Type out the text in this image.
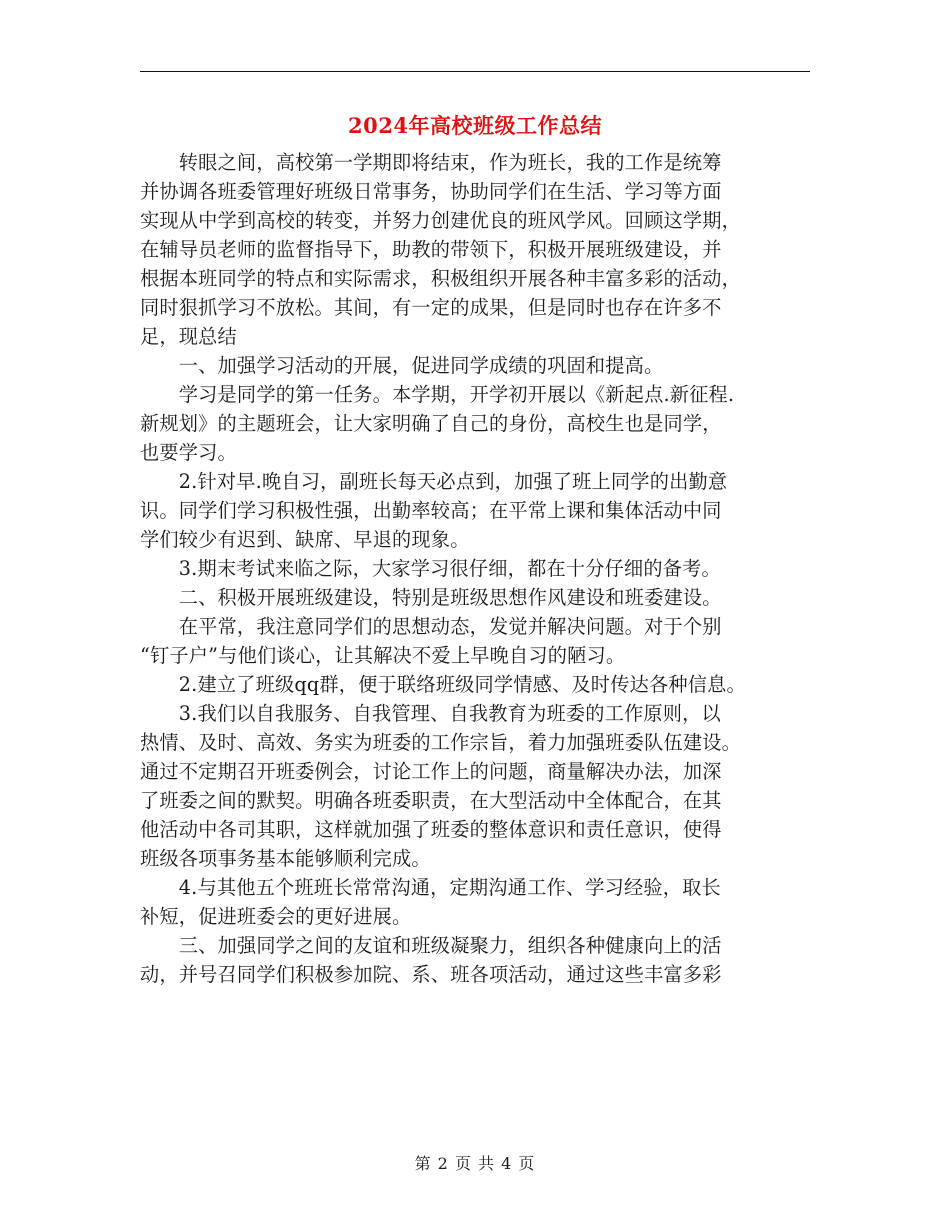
2024年高校班级工作总结
　　转眼之间，高校第一学期即将结束，作为班长，我的工作是统筹
并协调各班委管理好班级日常事务，协助同学们在生活、学习等方面
实现从中学到高校的转变，并努力创建优良的班风学风。回顾这学期，
在辅导员老师的监督指导下，助教的带领下，积极开展班级建设，并
根据本班同学的特点和实际需求，积极组织开展各种丰富多彩的活动，
同时狠抓学习不放松。其间，有一定的成果，但是同时也存在许多不
足，现总结
　　一、加强学习活动的开展，促进同学成绩的巩固和提高。
　　学习是同学的第一任务。本学期，开学初开展以《新起点.新征程.
新规划》的主题班会，让大家明确了自己的身份，高校生也是同学，
也要学习。
　　2.针对早.晚自习，副班长每天必点到，加强了班上同学的出勤意
识。同学们学习积极性强，出勤率较高；在平常上课和集体活动中同
学们较少有迟到、缺席、早退的现象。
　　3.期末考试来临之际，大家学习很仔细，都在十分仔细的备考。
　　二、积极开展班级建设，特别是班级思想作风建设和班委建设。
　　在平常，我注意同学们的思想动态，发觉并解决问题。对于个别
“钉子户”与他们谈心，让其解决不爱上早晚自习的陋习。
　　2.建立了班级qq群，便于联络班级同学情感、及时传达各种信息。
　　3.我们以自我服务、自我管理、自我教育为班委的工作原则，以
热情、及时、高效、务实为班委的工作宗旨，着力加强班委队伍建设。
通过不定期召开班委例会，讨论工作上的问题，商量解决办法，加深
了班委之间的默契。明确各班委职责，在大型活动中全体配合，在其
他活动中各司其职，这样就加强了班委的整体意识和责任意识，使得
班级各项事务基本能够顺利完成。
　　4.与其他五个班班长常常沟通，定期沟通工作、学习经验，取长
补短，促进班委会的更好进展。
　　三、加强同学之间的友谊和班级凝聚力，组织各种健康向上的活
动，并号召同学们积极参加院、系、班各项活动，通过这些丰富多彩
第 2 页 共 4 页
